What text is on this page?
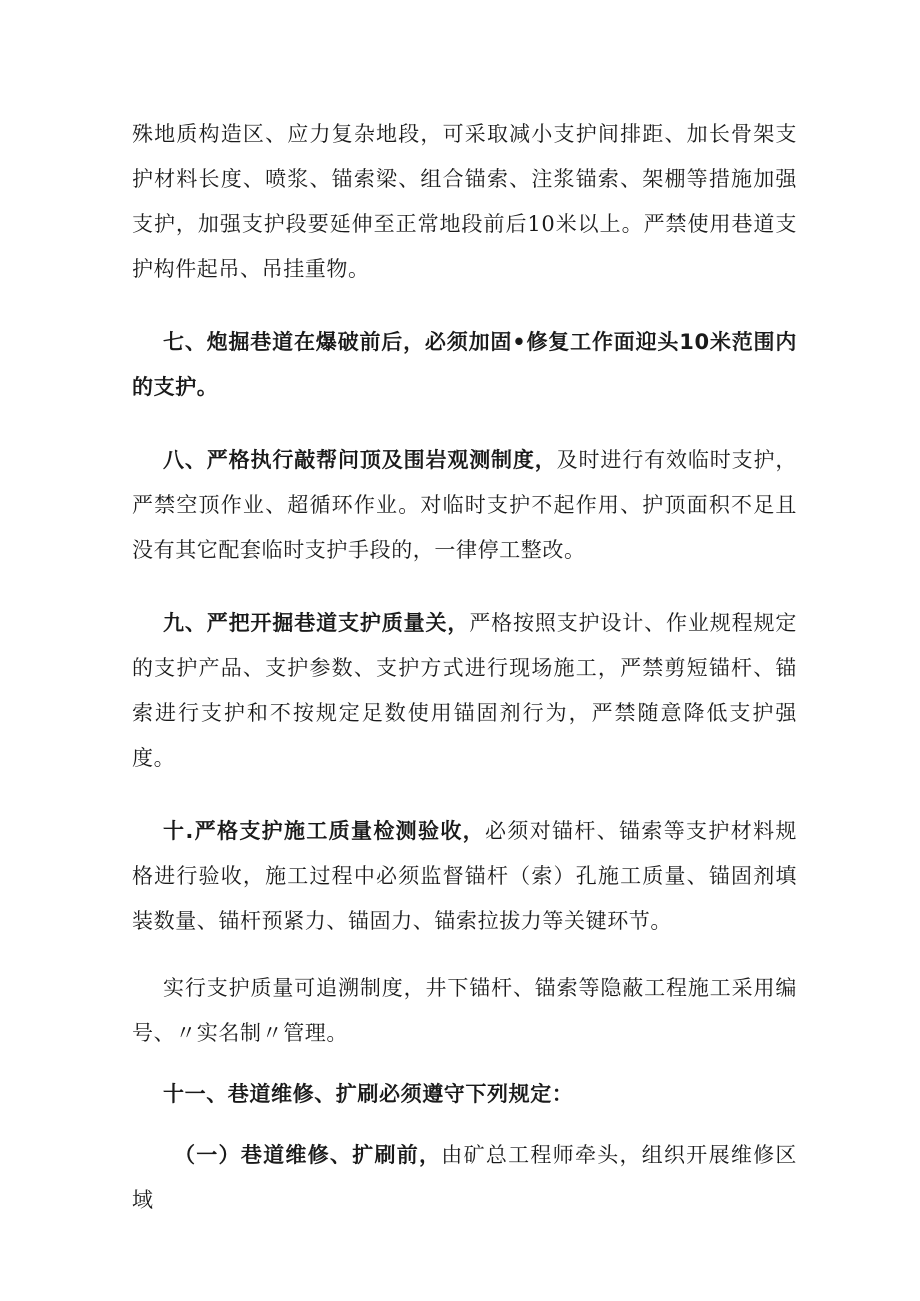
殊地质构造区、应力复杂地段，可采取减小支护间排距、加长骨架支护材料长度、喷浆、锚索梁、组合锚索、注浆锚索、架棚等措施加强支护，加强支护段要延伸至正常地段前后10米以上。严禁使用巷道支护构件起吊、吊挂重物。

七、炮掘巷道在爆破前后，必须加固•修复工作面迎头10米范围内的支护。

八、严格执行敲帮问顶及围岩观测制度，及时进行有效临时支护，严禁空顶作业、超循环作业。对临时支护不起作用、护顶面积不足且没有其它配套临时支护手段的，一律停工整改。

九、严把开掘巷道支护质量关，严格按照支护设计、作业规程规定的支护产品、支护参数、支护方式进行现场施工，严禁剪短锚杆、锚索进行支护和不按规定足数使用锚固剂行为，严禁随意降低支护强度。

十.严格支护施工质量检测验收，必须对锚杆、锚索等支护材料规格进行验收，施工过程中必须监督锚杆（索）孔施工质量、锚固剂填装数量、锚杆预紧力、锚固力、锚索拉拔力等关键环节。

实行支护质量可追溯制度，井下锚杆、锚索等隐蔽工程施工采用编号、〃实名制〃管理。

十一、巷道维修、扩刷必须遵守下列规定：

（一）巷道维修、扩刷前，由矿总工程师牵头，组织开展维修区域
